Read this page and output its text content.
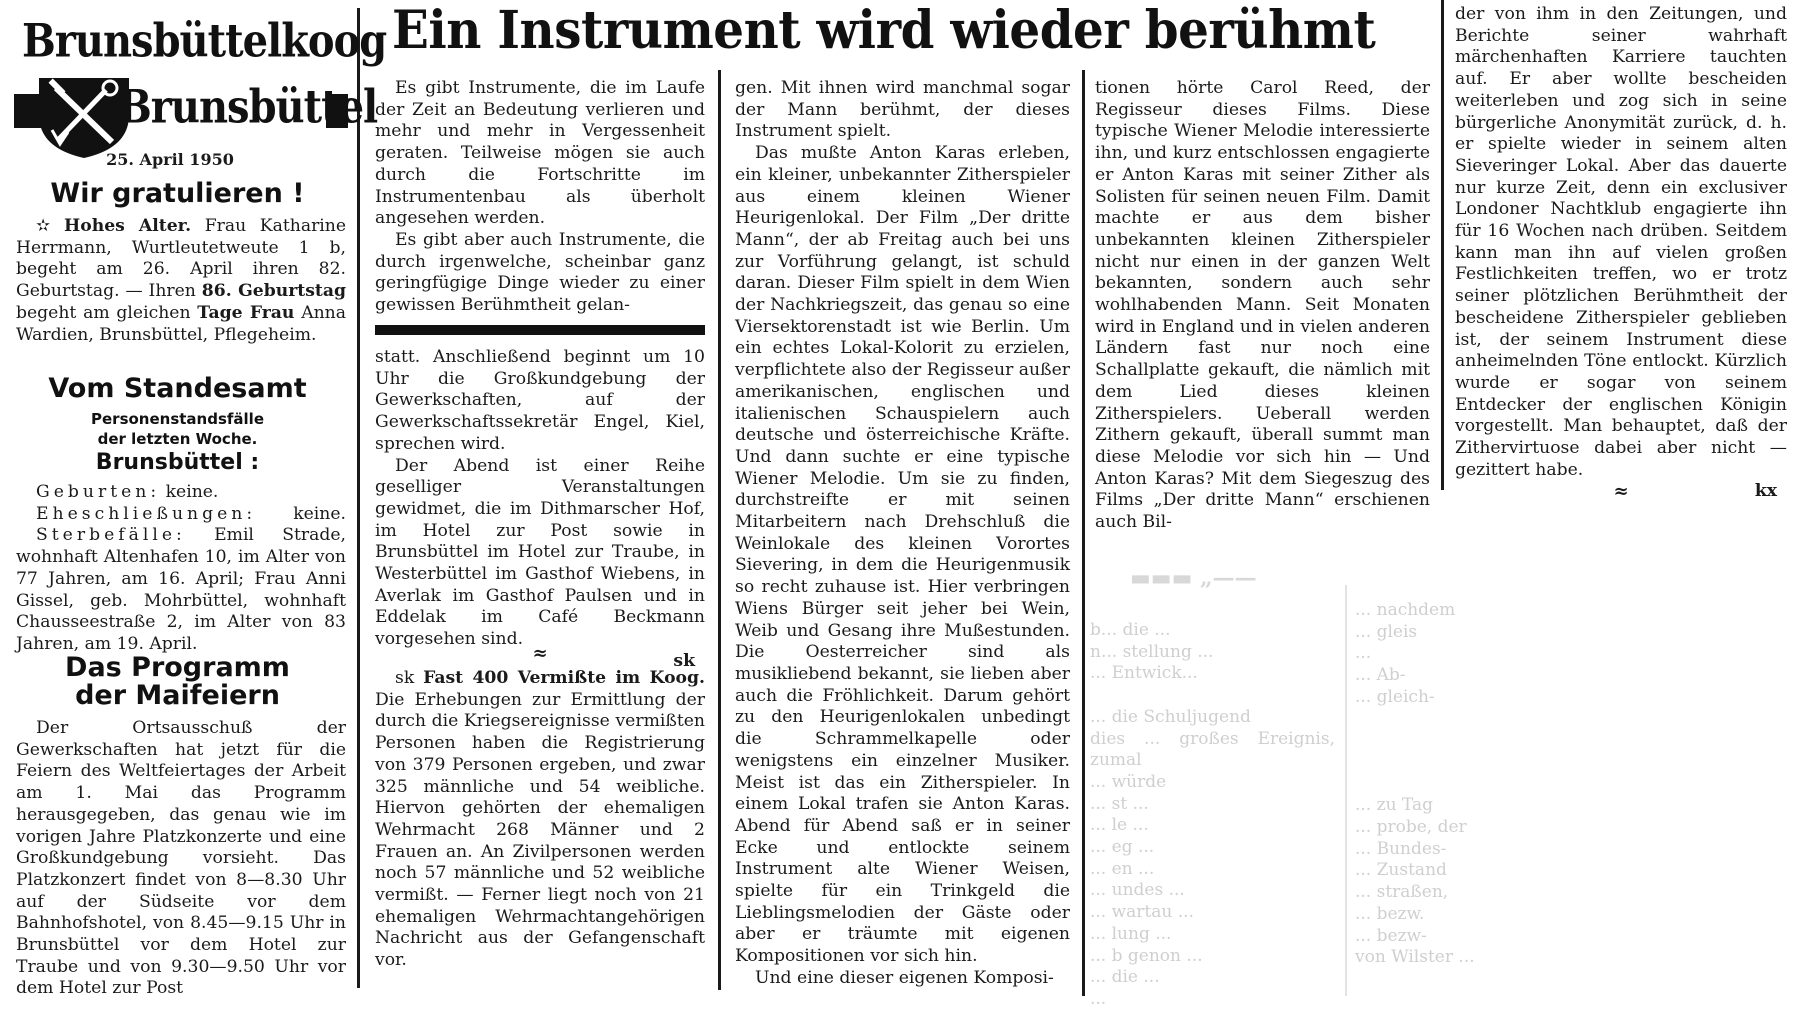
Brunsbüttelkoog
Brunsbüttel
25. April 1950
Wir gratulieren !

✫ Hohes Alter. Frau Katharine Herrmann, Wurtleutetweute 1 b, begeht am 26. April ihren 82. Geburtstag. — Ihren 86. Geburtstag begeht am gleichen Tage Frau Anna Wardien, Brunsbüttel, Pflegeheim.

Vom Standesamt
Personenstandsfälle
der letzten Woche.
Brunsbüttel :

Geburten: keine.

Eheschließungen: keine.

Sterbefälle: Emil Strade, wohnhaft Altenhafen 10, im Alter von 77 Jahren, am 16. April; Frau Anni Gissel, geb. Mohrbüttel, wohnhaft Chausseestraße 2, im Alter von 83 Jahren, am 19. April.

Das Programm
der Maifeiern

Der Ortsausschuß der Gewerkschaften hat jetzt für die Feiern des Weltfeiertages der Arbeit am 1. Mai das Programm herausgegeben, das genau wie im vorigen Jahre Platzkonzerte und eine Großkundgebung vorsieht. Das Platzkonzert findet von 8—8.30 Uhr auf der Südseite vor dem Bahnhofshotel, von 8.45—9.15 Uhr in Brunsbüttel vor dem Hotel zur Traube und von 9.30—9.50 Uhr vor dem Hotel zur Post

Ein Instrument wird wieder berühmt

Es gibt Instrumente, die im Laufe der Zeit an Bedeutung verlieren und mehr und mehr in Vergessenheit geraten. Teilweise mögen sie auch durch die Fortschritte im Instrumentenbau als überholt angesehen werden.

Es gibt aber auch Instrumente, die durch irgenwelche, scheinbar ganz geringfügige Dinge wieder zu einer gewissen Berühmtheit gelan-

statt. Anschließend beginnt um 10 Uhr die Großkundgebung der Gewerkschaften, auf der Gewerkschaftssekretär Engel, Kiel, sprechen wird.

Der Abend ist einer Reihe geselliger Veranstaltungen gewidmet, die im Dithmarscher Hof, im Hotel zur Post sowie in Brunsbüttel im Hotel zur Traube, in Westerbüttel im Gasthof Wiebens, in Averlak im Gasthof Paulsen und in Eddelak im Café Beckmann vorgesehen sind.

sk
≈

sk Fast 400 Vermißte im Koog. Die Erhebungen zur Ermittlung der durch die Kriegsereignisse vermißten Personen haben die Registrierung von 379 Personen ergeben, und zwar 325 männliche und 54 weibliche. Hiervon gehörten der ehemaligen Wehrmacht 268 Männer und 2 Frauen an. An Zivilpersonen werden noch 57 männliche und 52 weibliche vermißt. — Ferner liegt noch von 21 ehemaligen Wehrmachtangehörigen Nachricht aus der Gefangenschaft vor.

gen. Mit ihnen wird manchmal sogar der Mann berühmt, der dieses Instrument spielt.

Das mußte Anton Karas erleben, ein kleiner, unbekannter Zitherspieler aus einem kleinen Wiener Heurigenlokal. Der Film „Der dritte Mann“, der ab Freitag auch bei uns zur Vorführung gelangt, ist schuld daran. Dieser Film spielt in dem Wien der Nachkriegszeit, das genau so eine Viersektorenstadt ist wie Berlin. Um ein echtes Lokal-Kolorit zu erzielen, verpflichtete also der Regisseur außer amerikanischen, englischen und italienischen Schauspielern auch deutsche und österreichische Kräfte. Und dann suchte er eine typische Wiener Melodie. Um sie zu finden, durchstreifte er mit seinen Mitarbeitern nach Drehschluß die Weinlokale des kleinen Vorortes Sievering, in dem die Heurigenmusik so recht zuhause ist. Hier verbringen Wiens Bürger seit jeher bei Wein, Weib und Gesang ihre Mußestunden. Die Oesterreicher sind als musikliebend bekannt, sie lieben aber auch die Fröhlichkeit. Darum gehört zu den Heurigenlokalen unbedingt die Schrammelkapelle oder wenigstens ein einzelner Musiker. Meist ist das ein Zitherspieler. In einem Lokal trafen sie Anton Karas. Abend für Abend saß er in seiner Ecke und entlockte seinem Instrument alte Wiener Weisen, spielte für ein Trinkgeld die Lieblingsmelodien der Gäste oder aber er träumte mit eigenen Kompositionen vor sich hin.

Und eine dieser eigenen Komposi-

tionen hörte Carol Reed, der Regisseur dieses Films. Diese typische Wiener Melodie interessierte ihn, und kurz entschlossen engagierte er Anton Karas mit seiner Zither als Solisten für seinen neuen Film. Damit machte er aus dem bisher unbekannten kleinen Zitherspieler nicht nur einen in der ganzen Welt bekannten, sondern auch sehr wohlhabenden Mann. Seit Monaten wird in England und in vielen anderen Ländern fast nur noch eine Schallplatte gekauft, die nämlich mit dem Lied dieses kleinen Zitherspielers. Ueberall werden Zithern gekauft, überall summt man diese Melodie vor sich hin — Und Anton Karas? Mit dem Siegeszug des Films „Der dritte Mann“ erschienen auch Bil-

der von ihm in den Zeitungen, und Berichte seiner wahrhaft märchenhaften Karriere tauchten auf. Er aber wollte bescheiden weiterleben und zog sich in seine bürgerliche Anonymität zurück, d. h. er spielte wieder in seinem alten Sieveringer Lokal. Aber das dauerte nur kurze Zeit, denn ein exclusiver Londoner Nachtklub engagierte ihn für 16 Wochen nach drüben. Seitdem kann man ihn auf vielen großen Festlichkeiten treffen, wo er trotz seiner plötzlichen Berühmtheit der bescheidene Zitherspieler geblieben ist, der seinem Instrument diese anheimelnden Töne entlockt. Kürzlich wurde er sogar von seinem Entdecker der englischen Königin vorgestellt. Man behauptet, daß der Zithervirtuose dabei aber nicht — gezittert habe.

kx
≈
▬▬▬ „——

b... die ...

n... stellung ...

... Entwick...

... die Schuljugend

dies ... großes Ereignis, zumal

... würde

... st ...

... le ...

... eg ...

... en ...

... undes ...

... wartau ...

... lung ...

... b genon ...

... die ...

...

... nachdem

... gleis

...

... Ab-

... gleich-

... zu Tag

... probe, der

... Bundes-

... Zustand

... straßen,

... bezw.

... bezw-

von Wilster ...
